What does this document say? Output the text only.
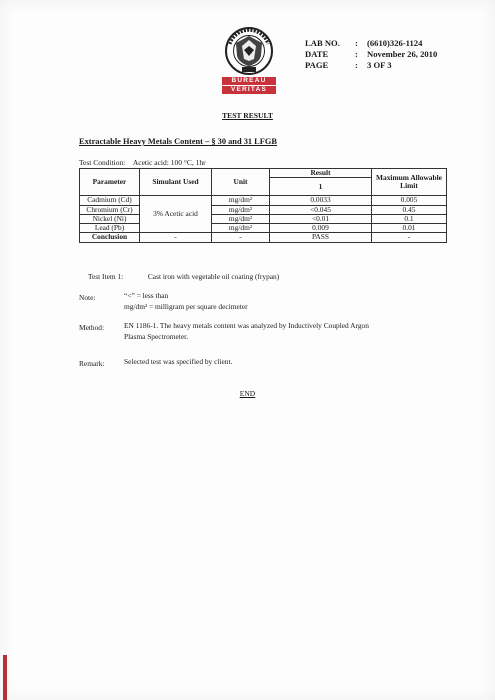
BUREAU
VERITAS
LAB NO.	:	(6610)326-1124
DATE	:	November 26, 2010
PAGE	:	3 OF 3
TEST RESULT
Extractable Heavy Metals Content – § 30 and 31 LFGB
Test Condition: Acetic acid: 100 °C, 1hr
Parameter	Simulant Used	Unit	Result	Maximum Allowable Limit
			1	
Cadmium (Cd)	3% Acetic acid	mg/dm²	0.0033	0.005
Chromium (Cr)		mg/dm²	<0.045	0.45
Nickel (Ni)		mg/dm²	<0.01	0.1
Lead (Pb)		mg/dm²	0.009	0.01
Conclusion	-	-	PASS	-
Test Item 1:	Cast iron with vegetable oil coating (frypan)
Note:	“<” = less than
mg/dm² = milligram per square decimeter
Method:	EN 1186-1. The heavy metals content was analyzed by Inductively Coupled Argon
Plasma Spectrometer.
Remark:	Selected test was specified by client.
END
